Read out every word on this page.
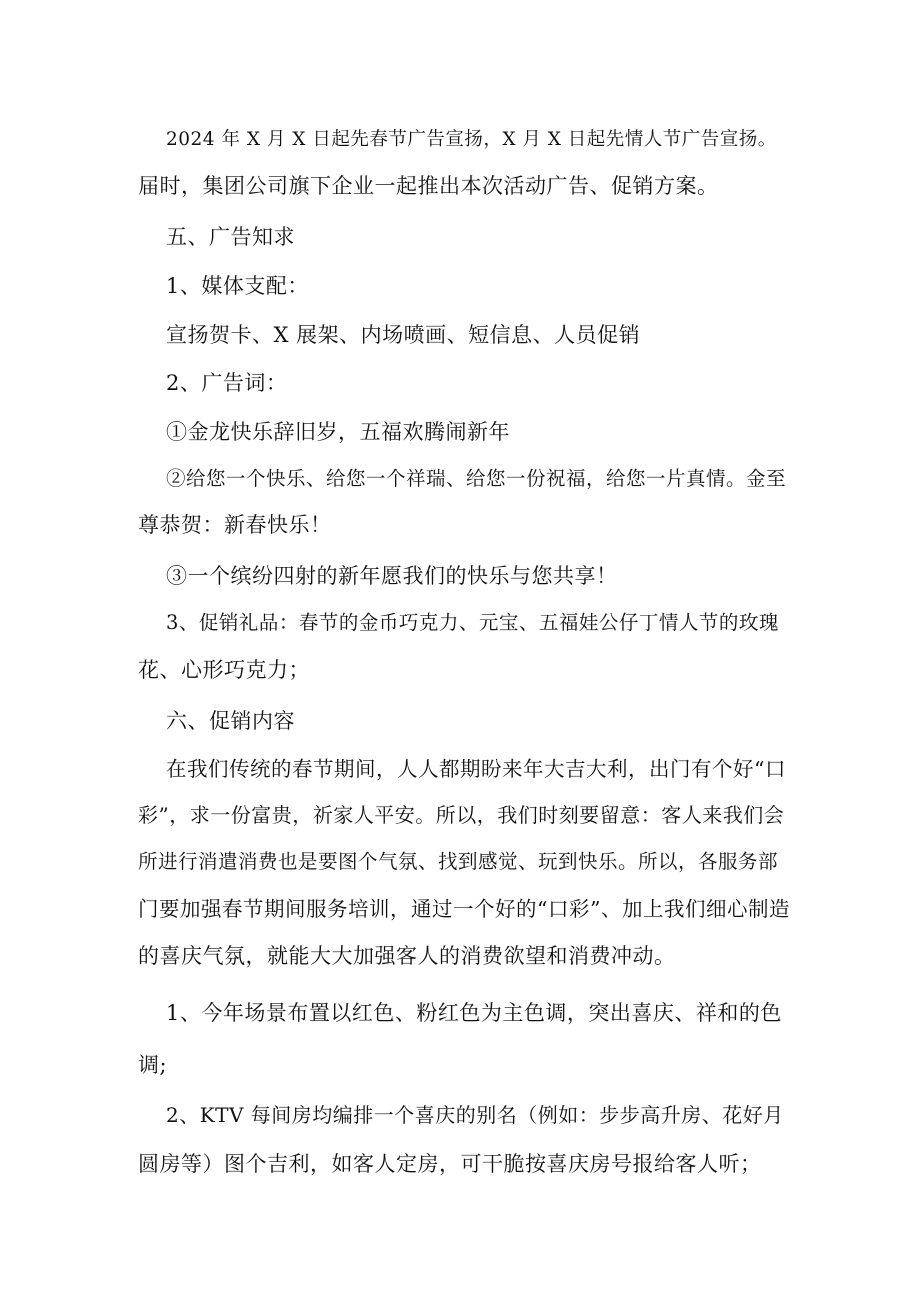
2024 年 X 月 X 日起先春节广告宣扬，X 月 X 日起先情人节广告宣扬。
届时，集团公司旗下企业一起推出本次活动广告、促销方案。
五、广告知求
1、媒体支配：
宣扬贺卡、X 展架、内场喷画、短信息、人员促销
2、广告词：
①金龙快乐辞旧岁，五福欢腾闹新年
②给您一个快乐、给您一个祥瑞、给您一份祝福，给您一片真情。金至
尊恭贺：新春快乐！
③一个缤纷四射的新年愿我们的快乐与您共享！
3、促销礼品：春节的金币巧克力、元宝、五福娃公仔丁情人节的玫瑰
花、心形巧克力；
六、促销内容
在我们传统的春节期间，人人都期盼来年大吉大利，出门有个好“口
彩”，求一份富贵，祈家人平安。所以，我们时刻要留意：客人来我们会
所进行消遣消费也是要图个气氛、找到感觉、玩到快乐。所以，各服务部
门要加强春节期间服务培训，通过一个好的“口彩”、加上我们细心制造
的喜庆气氛，就能大大加强客人的消费欲望和消费冲动。
1、今年场景布置以红色、粉红色为主色调，突出喜庆、祥和的色
调;
2、KTV 每间房均编排一个喜庆的别名（例如：步步高升房、花好月
圆房等）图个吉利，如客人定房，可干脆按喜庆房号报给客人听；
